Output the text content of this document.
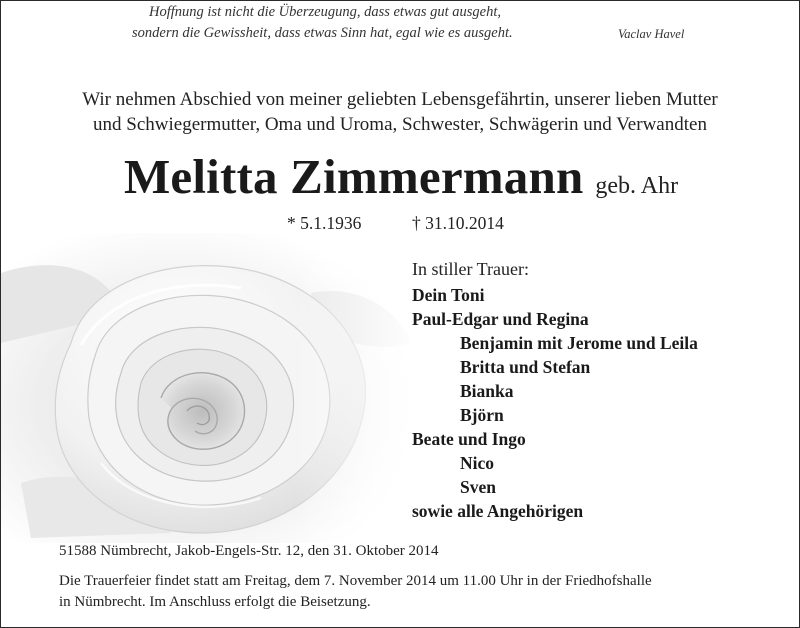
Hoffnung ist nicht die Überzeugung, dass etwas gut ausgeht,
sondern die Gewissheit, dass etwas Sinn hat, egal wie es ausgeht.	Vaclav Havel
Wir nehmen Abschied von meiner geliebten Lebensgefährtin, unserer lieben Mutter
und Schwiegermutter, Oma und Uroma, Schwester, Schwägerin und Verwandten
Melitta Zimmermann geb. Ahr
* 5.1.1936	† 31.10.2014
In stiller Trauer:
Dein Toni
Paul-Edgar und Regina
Benjamin mit Jerome und Leila
Britta und Stefan
Bianka
Björn
Beate und Ingo
Nico
Sven
sowie alle Angehörigen
51588 Nümbrecht, Jakob-Engels-Str. 12, den 31. Oktober 2014
Die Trauerfeier findet statt am Freitag, dem 7. November 2014 um 11.00 Uhr in der Friedhofshalle
in Nümbrecht. Im Anschluss erfolgt die Beisetzung.
